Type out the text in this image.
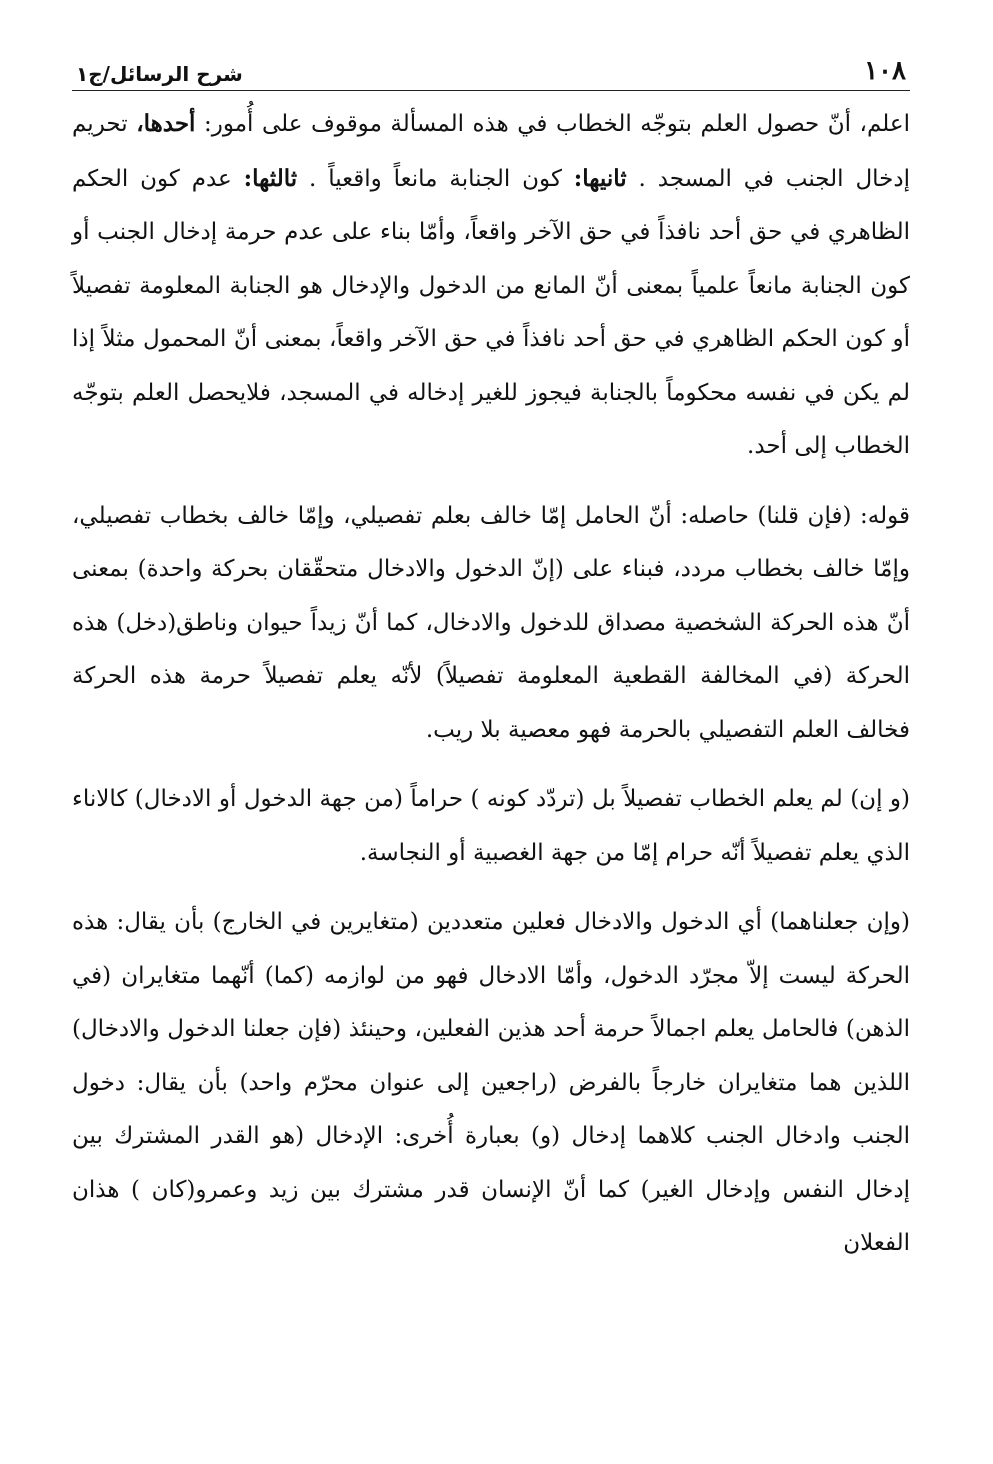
١٠٨
شرح الرسائل/ج١

اعلم، أنّ حصول العلم بتوجّه الخطاب في هذه المسألة موقوف على أُمور: أحدها، تحريم إدخال الجنب في المسجد . ثانيها: كون الجنابة مانعاً واقعياً . ثالثها: عدم كون الحكم الظاهري في حق أحد نافذاً في حق الآخر واقعاً، وأمّا بناء على عدم حرمة إدخال الجنب أو كون الجنابة مانعاً علمياً بمعنى أنّ المانع من الدخول والإدخال هو الجنابة المعلومة تفصيلاً أو كون الحكم الظاهري في حق أحد نافذاً في حق الآخر واقعاً، بمعنى أنّ المحمول مثلاً إذا لم يكن في نفسه محكوماً بالجنابة فيجوز للغير إدخاله في المسجد، فلايحصل العلم بتوجّه الخطاب إلى أحد.

قوله: (فإن قلنا) حاصله: أنّ الحامل إمّا خالف بعلم تفصيلي، وإمّا خالف بخطاب تفصيلي، وإمّا خالف بخطاب مردد، فبناء على (إنّ الدخول والادخال متحقّقان بحركة واحدة) بمعنى أنّ هذه الحركة الشخصية مصداق للدخول والادخال، كما أنّ زيداً حيوان وناطق(دخل) هذه الحركة (في المخالفة القطعية المعلومة تفصيلاً) لأنّه يعلم تفصيلاً حرمة هذه الحركة فخالف العلم التفصيلي بالحرمة فهو معصية بلا ريب.

(و إن) لم يعلم الخطاب تفصيلاً بل (تردّد كونه ) حراماً (من جهة الدخول أو الادخال) كالاناء الذي يعلم تفصيلاً أنّه حرام إمّا من جهة الغصبية أو النجاسة.

(وإن جعلناهما) أي الدخول والادخال فعلين متعددين (متغايرين في الخارج) بأن يقال: هذه الحركة ليست إلاّ مجرّد الدخول، وأمّا الادخال فهو من لوازمه (كما) أنّهما متغايران (في الذهن) فالحامل يعلم اجمالاً حرمة أحد هذين الفعلين، وحينئذ (فإن جعلنا الدخول والادخال) اللذين هما متغايران خارجاً بالفرض (راجعين إلى عنوان محرّم واحد) بأن يقال: دخول الجنب وادخال الجنب كلاهما إدخال (و) بعبارة أُخرى: الإدخال (هو القدر المشترك بين إدخال النفس وإدخال الغير) كما أنّ الإنسان قدر مشترك بين زيد وعمرو(كان ) هذان الفعلان
